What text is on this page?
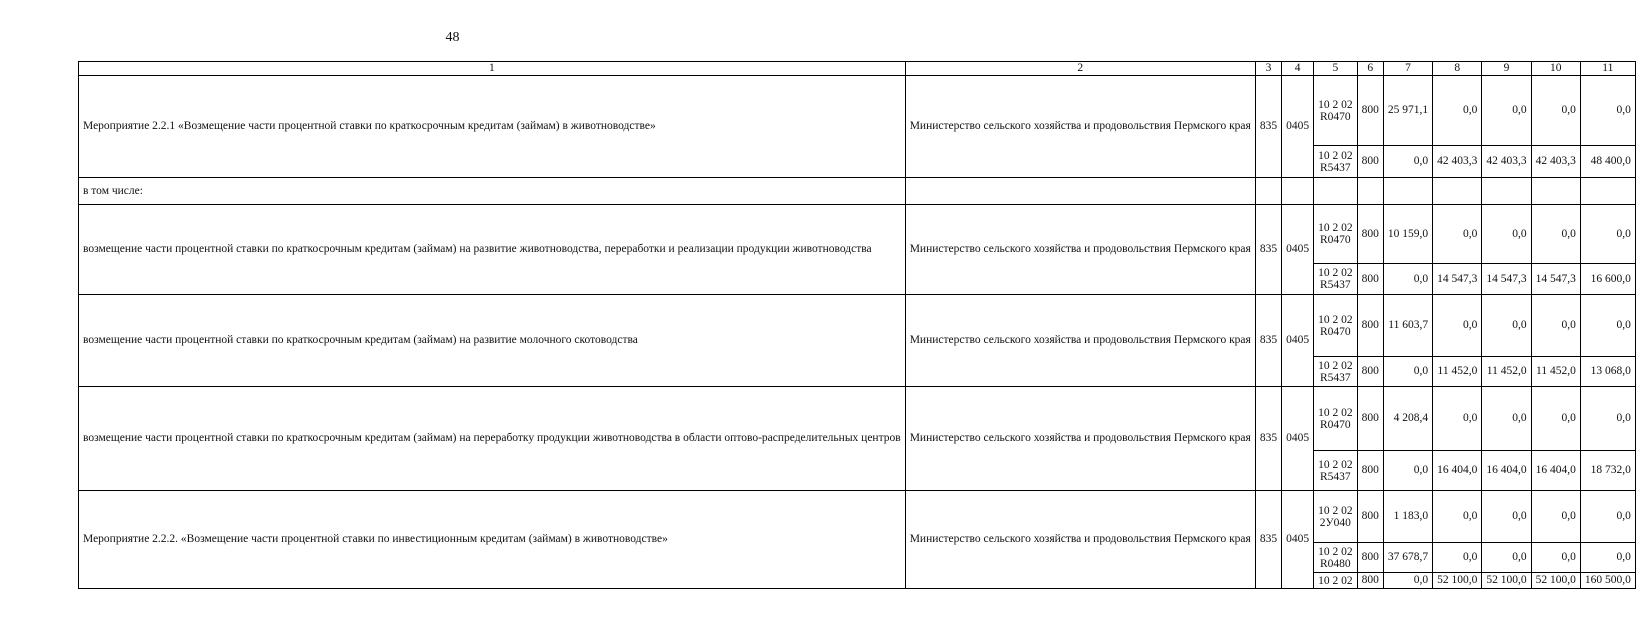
48
1	2	3	4	5	6	7	8	9	10	11
Мероприятие 2.2.1 «Возмещение части процентной ставки по краткосрочным кредитам (займам) в животноводстве»	Министерство сельского хозяйства и продовольствия Пермского края	835	0405	10 2 02
R0470	800	25 971,1	0,0	0,0	0,0	0,0
				10 2 02
R5437	800	0,0	42 403,3	42 403,3	42 403,3	48 400,0
в том числе:										
возмещение части процентной ставки по краткосрочным кредитам (займам) на развитие животноводства, переработки и реализации продукции животноводства	Министерство сельского хозяйства и продовольствия Пермского края	835	0405	10 2 02
R0470	800	10 159,0	0,0	0,0	0,0	0,0
				10 2 02
R5437	800	0,0	14 547,3	14 547,3	14 547,3	16 600,0
возмещение части процентной ставки по краткосрочным кредитам (займам) на развитие молочного скотоводства	Министерство сельского хозяйства и продовольствия Пермского края	835	0405	10 2 02
R0470	800	11 603,7	0,0	0,0	0,0	0,0
				10 2 02
R5437	800	0,0	11 452,0	11 452,0	11 452,0	13 068,0
возмещение части процентной ставки по краткосрочным кредитам (займам) на переработку продукции животноводства в области оптово-распределительных центров	Министерство сельского хозяйства и продовольствия Пермского края	835	0405	10 2 02
R0470	800	4 208,4	0,0	0,0	0,0	0,0
				10 2 02
R5437	800	0,0	16 404,0	16 404,0	16 404,0	18 732,0
Мероприятие 2.2.2. «Возмещение части процентной ставки по инвестиционным кредитам (займам) в животноводстве»	Министерство сельского хозяйства и продовольствия Пермского края	835	0405	10 2 02
2У040	800	1 183,0	0,0	0,0	0,0	0,0
				10 2 02
R0480	800	37 678,7	0,0	0,0	0,0	0,0
				10 2 02	800	0,0	52 100,0	52 100,0	52 100,0	160 500,0
